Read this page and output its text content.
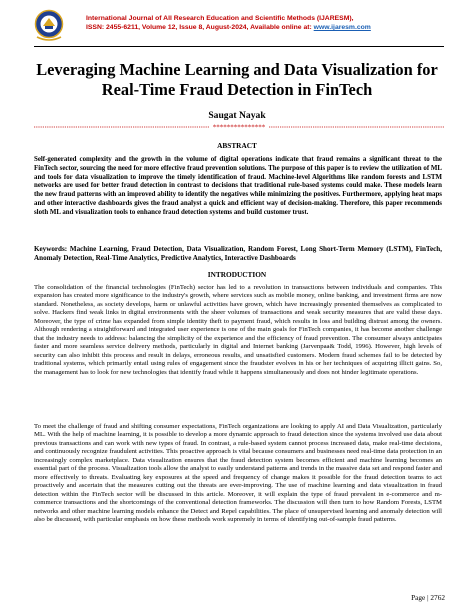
International Journal of All Research Education and Scientific Methods (IJARESM),
ISSN: 2455-6211, Volume 12, Issue 8, August-2024, Available online at: www.ijaresm.com
Leveraging Machine Learning and Data Visualization for Real-Time Fraud Detection in FinTech
Saugat Nayak
***************
ABSTRACT
Self-generated complexity and the growth in the volume of digital operations indicate that fraud remains a significant threat to the FinTech sector, sourcing the need for more effective fraud prevention solutions. The purpose of this paper is to review the utilization of ML and tools for data visualization to improve the timely identification of fraud. Machine-level Algorithms like random forests and LSTM networks are used for better fraud detection in contrast to decisions that traditional rule-based systems could make. These models learn the new fraud patterns with an improved ability to identify the negatives while minimizing the positives. Furthermore, applying heat maps and other interactive dashboards gives the fraud analyst a quick and efficient way of decision-making. Therefore, this paper recommends sloth ML and visualization tools to enhance fraud detection systems and build customer trust.
Keywords: Machine Learning, Fraud Detection, Data Visualization, Random Forest, Long Short-Term Memory (LSTM), FinTech, Anomaly Detection, Real-Time Analytics, Predictive Analytics, Interactive Dashboards
INTRODUCTION
The consolidation of the financial technologies (FinTech) sector has led to a revolution in transactions between individuals and companies. This expansion has created more significance to the industry's growth, where services such as mobile money, online banking, and investment firms are now standard. Nonetheless, as society develops, harm or unlawful activities have grown, which have increasingly presented themselves as complicated to solve. Hackers find weak links in digital environments with the sheer volumes of transactions and weak security measures that are valid these days. Moreover, the type of crime has expanded from simple identity theft to payment fraud, which results in loss and building distrust among the owners. Although rendering a straightforward and integrated user experience is one of the main goals for FinTech companies, it has become another challenge that the industry needs to address: balancing the simplicity of the experience and the efficiency of fraud prevention. The consumer always anticipates faster and more seamless service delivery methods, particularly in digital and Internet banking (Jarvenpaa& Todd, 1996). However, high levels of security can also inhibit this process and result in delays, erroneous results, and unsatisfied customers. Modern fraud schemes fail to be detected by traditional systems, which primarily entail using rules of engagement since the fraudster evolves in his or her techniques of acquiring illicit gains. So, the management has to look for new technologies that identify fraud while it happens simultaneously and does not hinder legitimate operations.
To meet the challenge of fraud and shifting consumer expectations, FinTech organizations are looking to apply AI and Data Visualization, particularly ML. With the help of machine learning, it is possible to develop a more dynamic approach to fraud detection since the systems involved use data about previous transactions and can work with new types of fraud. In contrast, a rule-based system cannot process increased data, make real-time decisions, and continuously recognize fraudulent activities. This proactive approach is vital because consumers and businesses need real-time data protection in an increasingly complex marketplace. Data visualization ensures that the fraud detection system becomes efficient and machine learning becomes an essential part of the process. Visualization tools allow the analyst to easily understand patterns and trends in the massive data set and respond faster and more effectively to threats. Evaluating key exposures at the speed and frequency of change makes it possible for the fraud detection teams to act proactively and ascertain that the measures cutting out the threats are ever-improving. The use of machine learning and data visualization in fraud detection within the FinTech sector will be discussed in this article. Moreover, it will explain the type of fraud prevalent in e-commerce and m-commerce transactions and the shortcomings of the conventional detection frameworks. The discussion will then turn to how Random Forests, LSTM networks and other machine learning models enhance the Detect and Repel capabilities. The place of unsupervised learning and anomaly detection will also be discussed, with particular emphasis on how these methods work supremely in terms of identifying out-of-sample fraud patterns.
Page | 2762
